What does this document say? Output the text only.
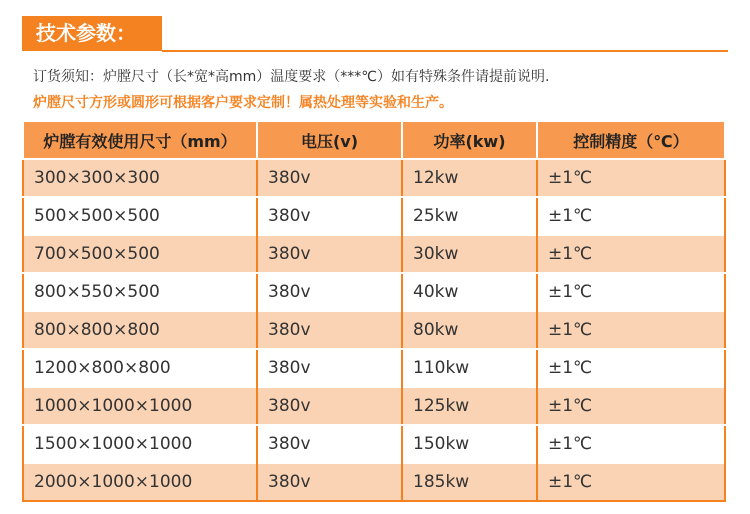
技术参数：
订货须知：炉膛尺寸（长*宽*高mm）温度要求（***℃）如有特殊条件请提前说明.
炉膛尺寸方形或圆形可根据客户要求定制！属热处理等实验和生产。
炉膛有效使用尺寸（mm）	电压(v)	功率(kw)	控制精度（℃）
300×300×300	380v	12kw	±1℃
500×500×500	380v	25kw	±1℃
700×500×500	380v	30kw	±1℃
800×550×500	380v	40kw	±1℃
800×800×800	380v	80kw	±1℃
1200×800×800	380v	110kw	±1℃
1000×1000×1000	380v	125kw	±1℃
1500×1000×1000	380v	150kw	±1℃
2000×1000×1000	380v	185kw	±1℃
